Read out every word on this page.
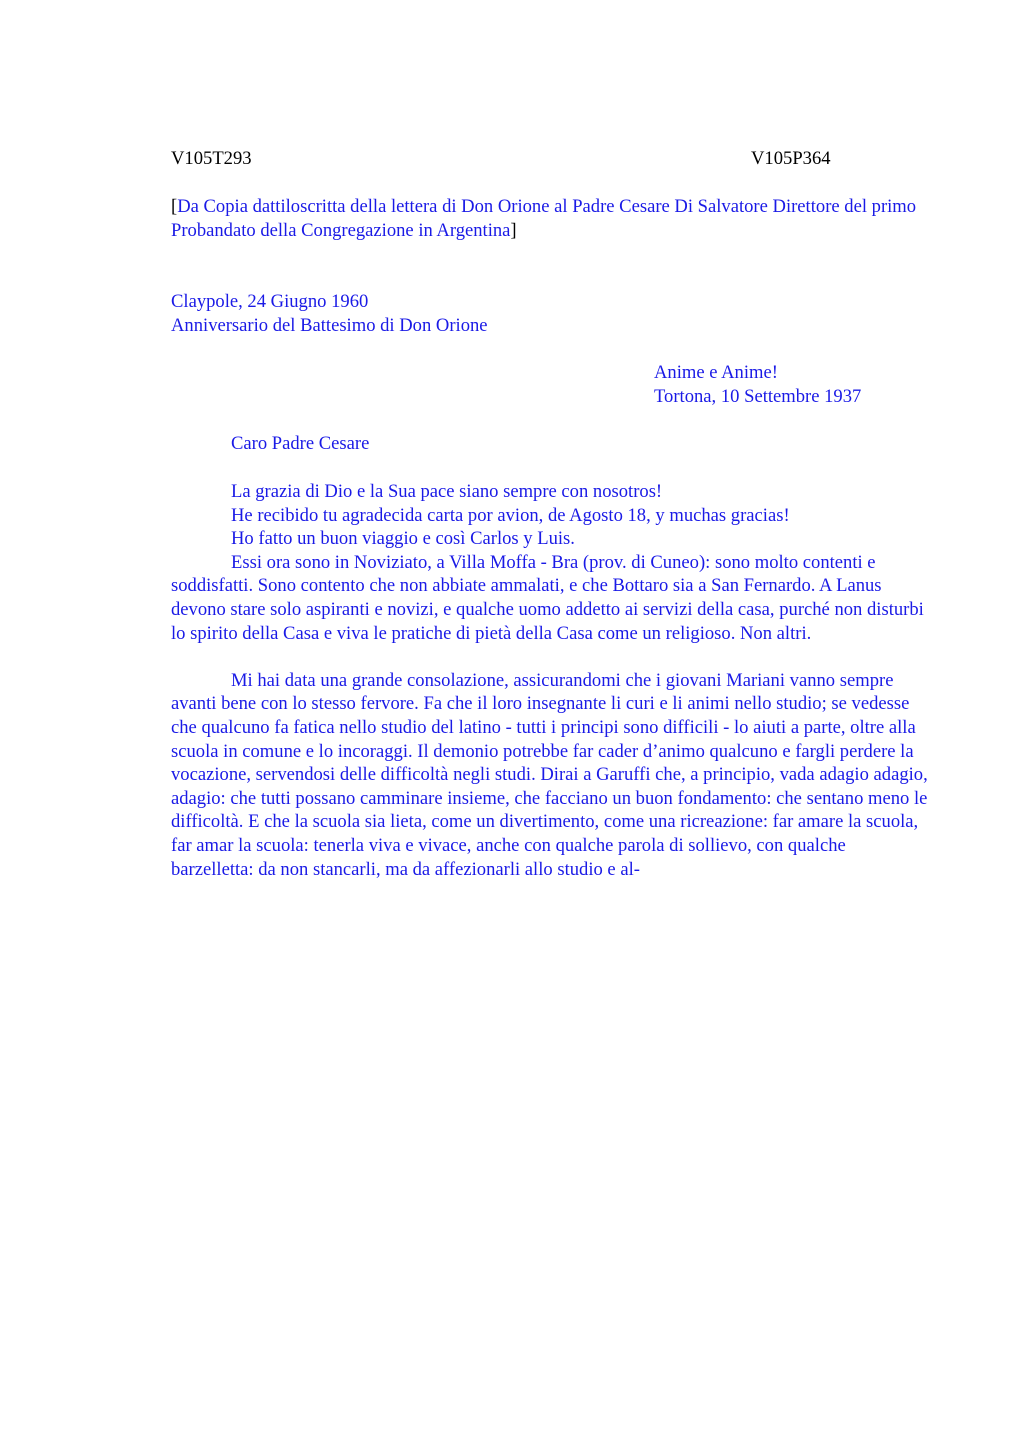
V105T293	V105P364
[Da Copia dattiloscritta della lettera di Don Orione al Padre Cesare Di Salvatore Direttore del primo Probandato della Congregazione in Argentina]
Claypole, 24 Giugno 1960
Anniversario del Battesimo di Don Orione
Anime e Anime!
Tortona, 10 Settembre 1937
Caro Padre Cesare

La grazia di Dio e la Sua pace siano sempre con nosotros!

He recibido tu agradecida carta por avion, de Agosto 18, y muchas gracias!

Ho fatto un buon viaggio e così Carlos y Luis.

Essi ora sono in Noviziato, a Villa Moffa - Bra (prov. di Cuneo): sono molto contenti e soddisfatti. Sono contento che non abbiate ammalati, e che Bottaro sia a San Fernardo. A Lanus devono stare solo aspiranti e novizi, e qualche uomo addetto ai servizi della casa, purché non disturbi lo spirito della Casa e viva le pratiche di pietà della Casa come un religioso. Non altri.

Mi hai data una grande consolazione, assicurandomi che i giovani Mariani vanno sempre avanti bene con lo stesso fervore. Fa che il loro insegnante li curi e li animi nello studio; se vedesse che qualcuno fa fatica nello studio del latino - tutti i principi sono difficili - lo aiuti a parte, oltre alla scuola in comune e lo incoraggi. Il demonio potrebbe far cader d’animo qualcuno e fargli perdere la vocazione, servendosi delle difficoltà negli studi. Dirai a Garuffi che, a principio, vada adagio adagio, adagio: che tutti possano camminare insieme, che facciano un buon fondamento: che sentano meno le difficoltà. E che la scuola sia lieta, come un divertimento, come una ricreazione: far amare la scuola, far amar la scuola: tenerla viva e vivace, anche con qualche parola di sollievo, con qualche barzelletta: da non stancarli, ma da affezionarli allo studio e al-
